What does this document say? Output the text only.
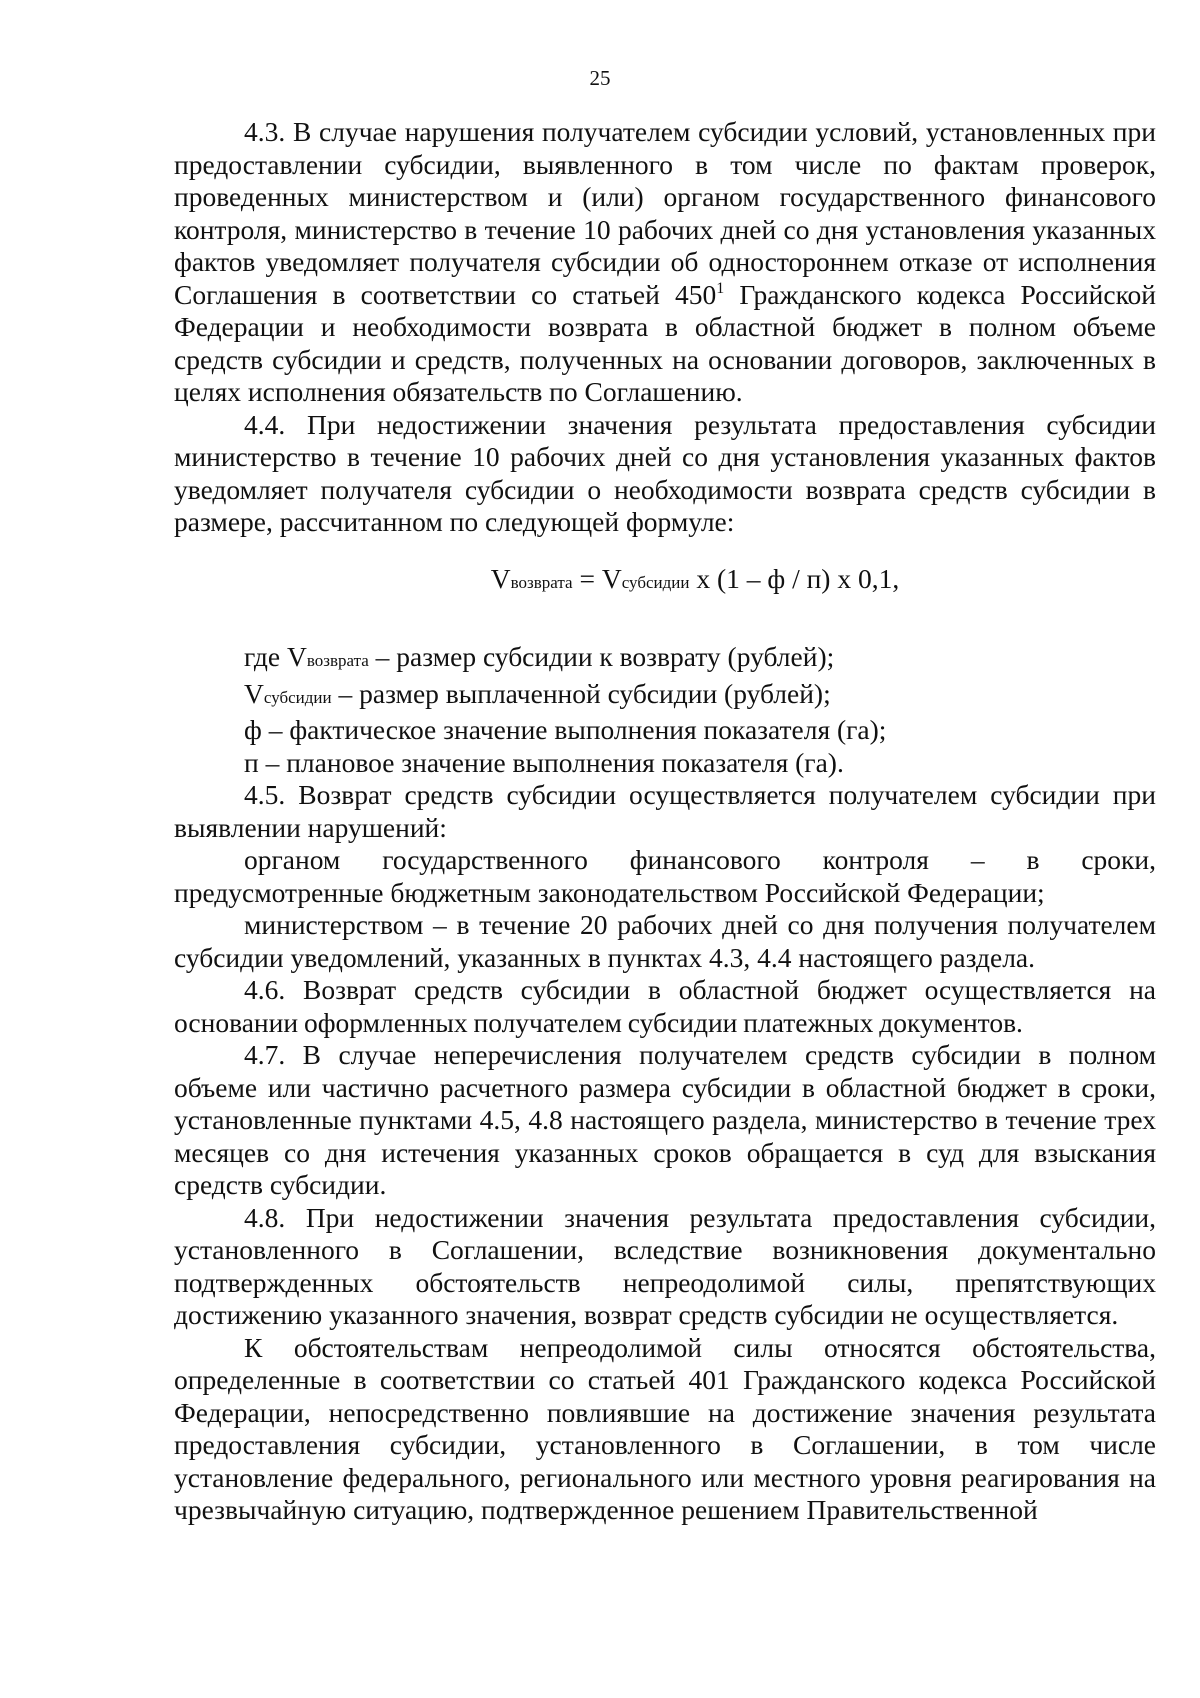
25

4.3. В случае нарушения получателем субсидии условий, установленных при предоставлении субсидии, выявленного в том числе по фактам проверок, проведенных министерством и (или) органом государственного финансового контроля, министерство в течение 10 рабочих дней со дня установления указанных фактов уведомляет получателя субсидии об одностороннем отказе от исполнения Соглашения в соответствии со статьей $450^1$ Гражданского кодекса Российской Федерации и необходимости возврата в областной бюджет в полном объеме средств субсидии и средств, полученных на основании договоров, заключенных в целях исполнения обязательств по Соглашению.

4.4. При недостижении значения результата предоставления субсидии министерство в течение 10 рабочих дней со дня установления указанных фактов уведомляет получателя субсидии о необходимости возврата средств субсидии в размере, рассчитанном по следующей формуле:

Vвозврата = Vсубсидии х (1 – ф / п) х 0,1,

где Vвозврата – размер субсидии к возврату (рублей);

Vсубсидии – размер выплаченной субсидии (рублей);

ф – фактическое значение выполнения показателя (га);

п – плановое значение выполнения показателя (га).

4.5. Возврат средств субсидии осуществляется получателем субсидии при выявлении нарушений:

органом государственного финансового контроля – в сроки, предусмотренные бюджетным законодательством Российской Федерации;

министерством – в течение 20 рабочих дней со дня получения получателем субсидии уведомлений, указанных в пунктах 4.3, 4.4 настоящего раздела.

4.6. Возврат средств субсидии в областной бюджет осуществляется на основании оформленных получателем субсидии платежных документов.

4.7. В случае неперечисления получателем средств субсидии в полном объеме или частично расчетного размера субсидии в областной бюджет в сроки, установленные пунктами 4.5, 4.8 настоящего раздела, министерство в течение трех месяцев со дня истечения указанных сроков обращается в суд для взыскания средств субсидии.

4.8. При недостижении значения результата предоставления субсидии, установленного в Соглашении, вследствие возникновения документально подтвержденных обстоятельств непреодолимой силы, препятствующих достижению указанного значения, возврат средств субсидии не осуществляется.

К обстоятельствам непреодолимой силы относятся обстоятельства, определенные в соответствии со статьей 401 Гражданского кодекса Российской Федерации, непосредственно повлиявшие на достижение значения результата предоставления субсидии, установленного в Соглашении, в том числе установление федерального, регионального или местного уровня реагирования на чрезвычайную ситуацию, подтвержденное решением Правительственной
